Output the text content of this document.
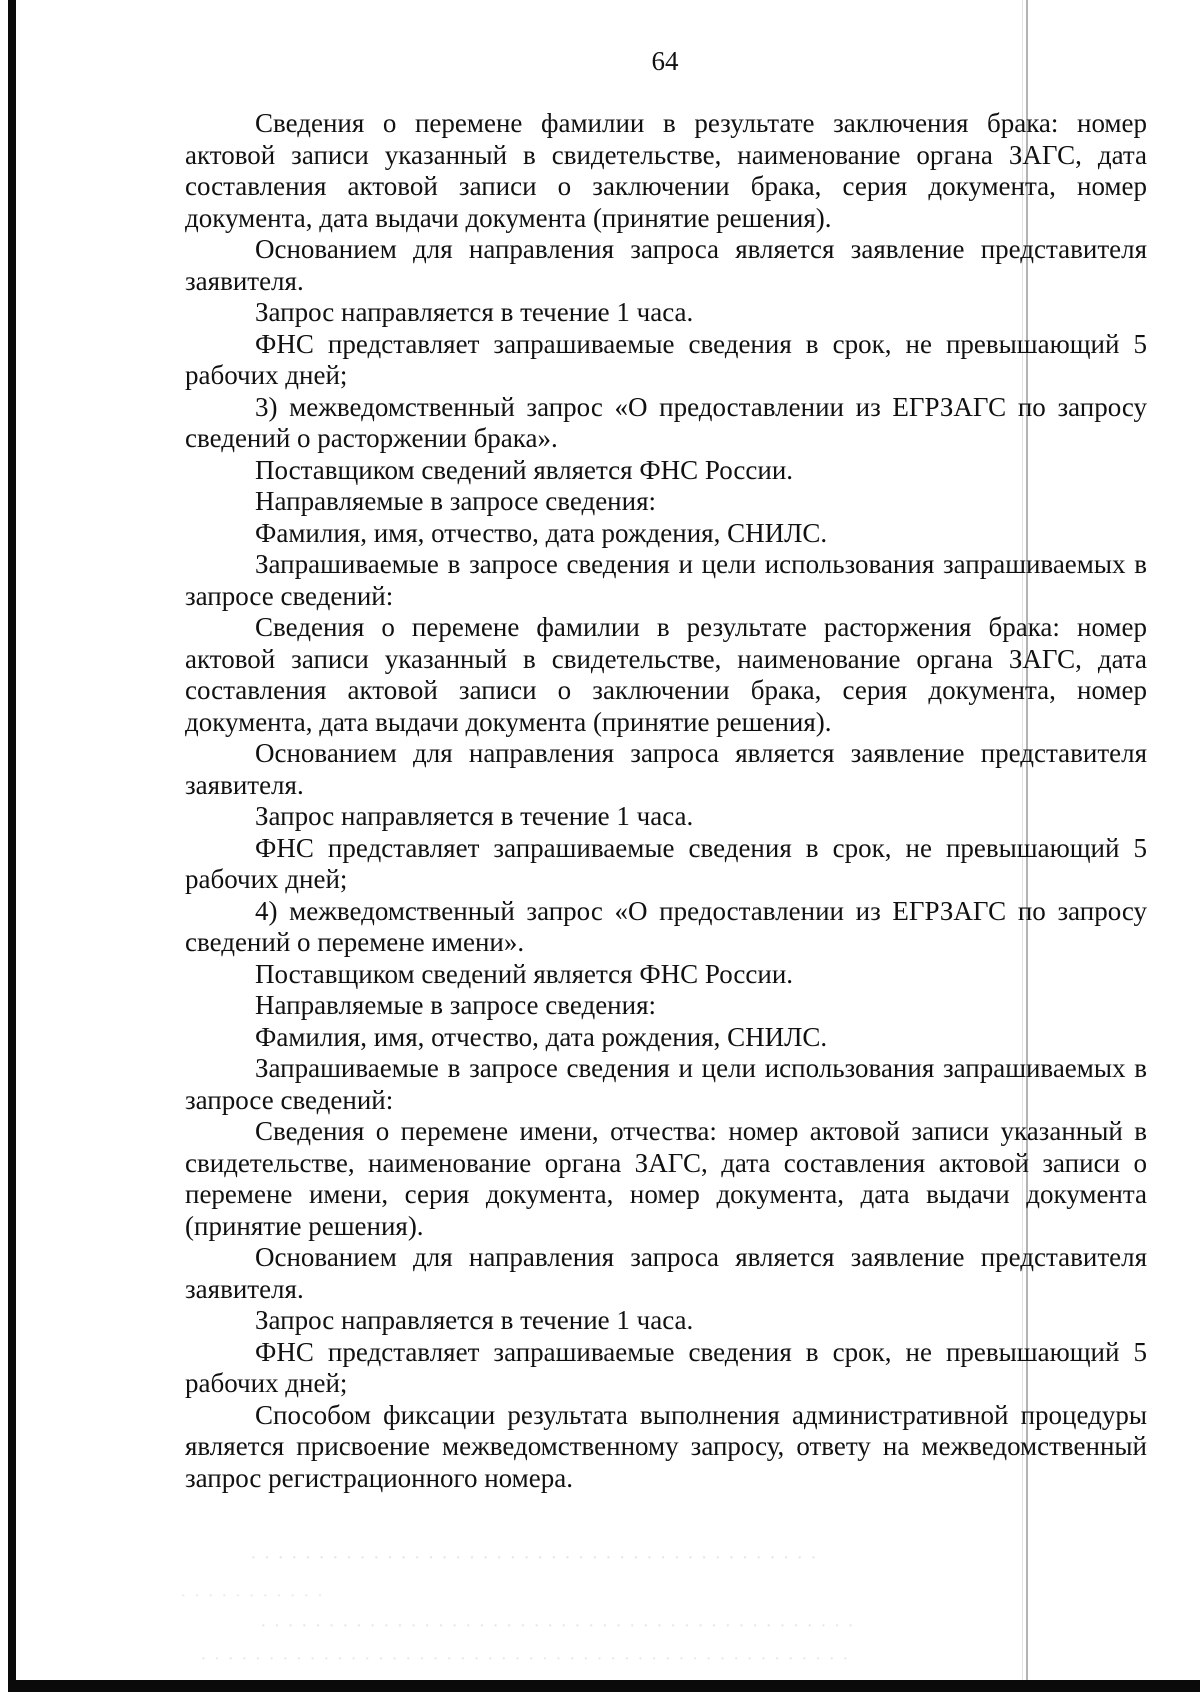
· · · · · · · · · · · · · · · · · · · · · · · · · · · · · · · · · · · · · · · · · ·
· · · · · · · · · · ·
· · · · · · · · · · · · · · · · · · · · · · · · · · · · · · · · · · · · · · · · · · · ·
· · · · · · · · · · · · · · · · · · · · · · · · · · · · · · · · · · · · · · · · · · · · · · · ·
64

Сведения о перемене фамилии в результате заключения брака: номер актовой записи указанный в свидетельстве, наименование органа ЗАГС, дата составления актовой записи о заключении брака, серия документа, номер документа, дата выдачи документа (принятие решения).

Основанием для направления запроса является заявление представителя заявителя.

Запрос направляется в течение 1 часа.

ФНС представляет запрашиваемые сведения в срок, не превышающий 5 рабочих дней;

3) межведомственный запрос «О предоставлении из ЕГРЗАГС по запросу сведений о расторжении брака».

Поставщиком сведений является ФНС России.

Направляемые в запросе сведения:

Фамилия, имя, отчество, дата рождения, СНИЛС.

Запрашиваемые в запросе сведения и цели использования запрашиваемых в запросе сведений:

Сведения о перемене фамилии в результате расторжения брака: номер актовой записи указанный в свидетельстве, наименование органа ЗАГС, дата составления актовой записи о заключении брака, серия документа, номер документа, дата выдачи документа (принятие решения).

Основанием для направления запроса является заявление представителя заявителя.

Запрос направляется в течение 1 часа.

ФНС представляет запрашиваемые сведения в срок, не превышающий 5 рабочих дней;

4) межведомственный запрос «О предоставлении из ЕГРЗАГС по запросу сведений о перемене имени».

Поставщиком сведений является ФНС России.

Направляемые в запросе сведения:

Фамилия, имя, отчество, дата рождения, СНИЛС.

Запрашиваемые в запросе сведения и цели использования запрашиваемых в запросе сведений:

Сведения о перемене имени, отчества: номер актовой записи указанный в свидетельстве, наименование органа ЗАГС, дата составления актовой записи о перемене имени, серия документа, номер документа, дата выдачи документа (принятие решения).

Основанием для направления запроса является заявление представителя заявителя.

Запрос направляется в течение 1 часа.

ФНС представляет запрашиваемые сведения в срок, не превышающий 5 рабочих дней;

Способом фиксации результата выполнения административной процедуры является присвоение межведомственному запросу, ответу на межведомственный запрос регистрационного номера.
